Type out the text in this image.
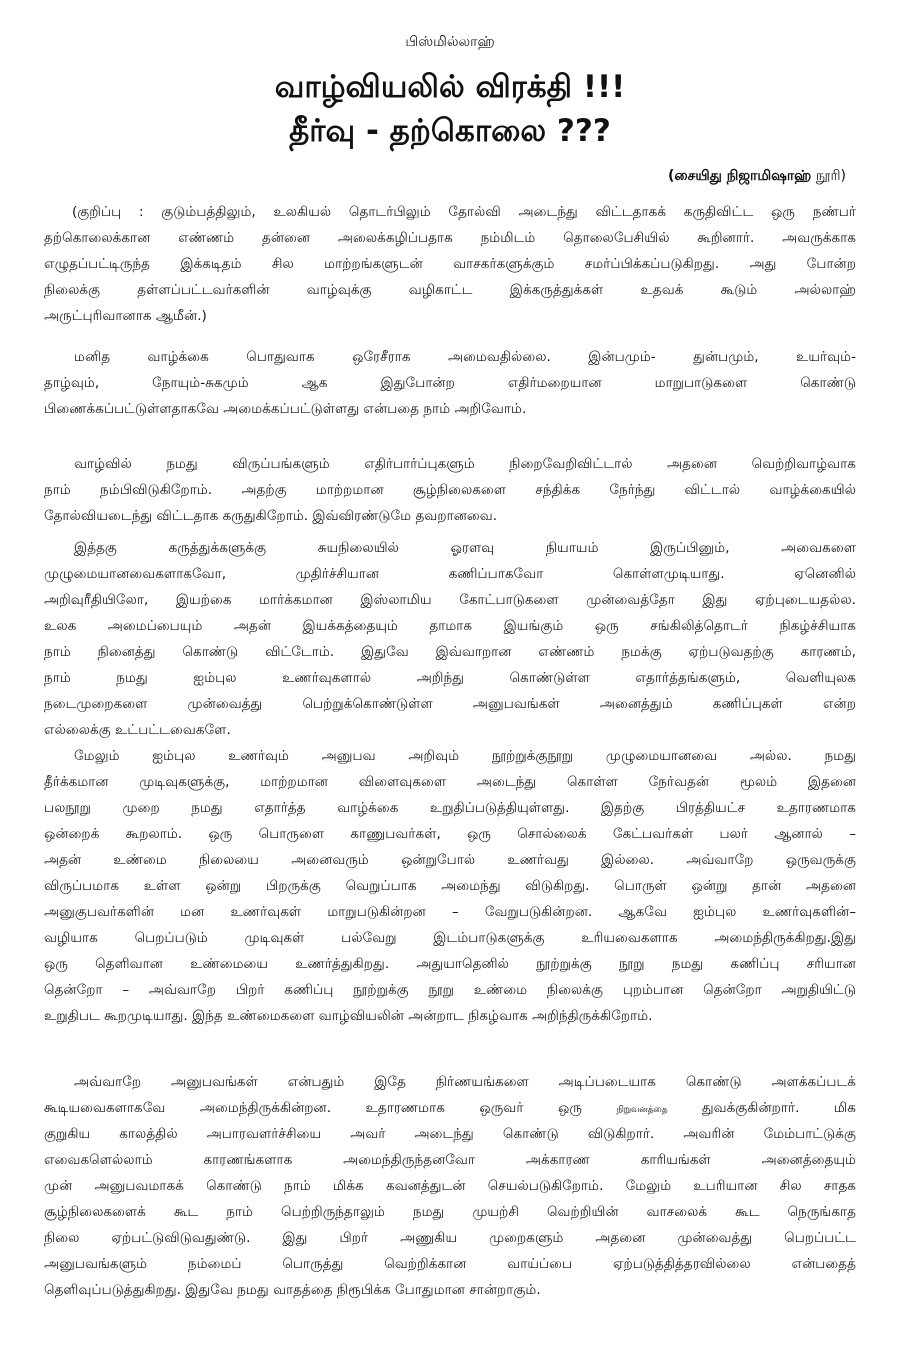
பிஸ்மில்லாஹ்
வாழ்வியலில் விரக்தி !!!
தீர்வு - தற்கொலை ???
(சையிது நிஜாமிஷாஹ் நூரி)
(குறிப்பு : குடும்பத்திலும், உலகியல் தொடர்பிலும் தோல்வி அடைந்து விட்டதாகக் கருதிவிட்ட ஒரு நண்பர்
தற்கொலைக்கான எண்ணம் தன்னை அலைக்கழிப்பதாக நம்மிடம் தொலைபேசியில் கூறினார். அவருக்காக
எழுதப்பட்டிருந்த இக்கடிதம் சில மாற்றங்களுடன் வாசகர்களுக்கும் சமர்ப்பிக்கப்படுகிறது. அது போன்ற
நிலைக்கு தள்ளப்பட்டவர்களின் வாழ்வுக்கு வழிகாட்ட இக்கருத்துக்கள் உதவக் கூடும் அல்லாஹ்
அருட்புரிவானாக ஆமீன்.)
மனித வாழ்க்கை பொதுவாக ஒரேசீராக அமைவதில்லை. இன்பமும்- துன்பமும், உயர்வும்-
தாழ்வும், நோயும்-சுகமும் ஆக இதுபோன்ற எதிர்மறையான மாறுபாடுகளை கொண்டு
பிணைக்கப்பட்டுள்ளதாகவே அமைக்கப்பட்டுள்ளது என்பதை நாம் அறிவோம்.
வாழ்வில் நமது விருப்பங்களும் எதிர்பார்ப்புகளும் நிறைவேறிவிட்டால் அதனை வெற்றிவாழ்வாக
நாம் நம்பிவிடுகிறோம். அதற்கு மாற்றமான சூழ்நிலைகளை சந்திக்க நேர்ந்து விட்டால் வாழ்க்கையில்
தோல்வியடைந்து விட்டதாக கருதுகிறோம். இவ்விரண்டுமே தவறானவை.
இத்தகு கருத்துக்களுக்கு சுயநிலையில் ஓரளவு நியாயம் இருப்பினும், அவைகளை
முழுமையானவைகளாகவோ, முதிர்ச்சியான கணிப்பாகவோ கொள்ளமுடியாது. ஏனெனில்
அறிவுரீதியிலோ, இயற்கை மார்க்கமான இஸ்லாமிய கோட்பாடுகளை முன்வைத்தோ இது ஏற்புடையதல்ல.
உலக அமைப்பையும் அதன் இயக்கத்தையும் தாமாக இயங்கும் ஒரு சங்கிலித்தொடர் நிகழ்ச்சியாக
நாம் நினைத்து கொண்டு விட்டோம். இதுவே இவ்வாறான எண்ணம் நமக்கு ஏற்படுவதற்கு காரணம்,
நாம் நமது ஐம்புல உணர்வுகளால் அறிந்து கொண்டுள்ள எதார்த்தங்களும், வெளியுலக
நடைமுறைகளை முன்வைத்து பெற்றுக்கொண்டுள்ள அனுபவங்கள் அனைத்தும் கணிப்புகள் என்ற
எல்லைக்கு உட்பட்டவைகளே.
மேலும் ஐம்புல உணர்வும் அனுபவ அறிவும் நூற்றுக்குநூறு முழுமையானவை அல்ல. நமது
தீர்க்கமான முடிவுகளுக்கு, மாற்றமான விளைவுகளை அடைந்து கொள்ள நேர்வதன் மூலம் இதனை
பலநூறு முறை நமது எதார்த்த வாழ்க்கை உறுதிப்படுத்தியுள்ளது. இதற்கு பிரத்தியட்ச உதாரணமாக
ஒன்றைக் கூறலாம். ஒரு பொருளை காணுபவர்கள், ஒரு சொல்லைக் கேட்பவர்கள் பலர் ஆனால் –
அதன் உண்மை நிலையை அனைவரும் ஒன்றுபோல் உணர்வது இல்லை. அவ்வாறே ஒருவருக்கு
விருப்பமாக உள்ள ஒன்று பிறருக்கு வெறுப்பாக அமைந்து விடுகிறது. பொருள் ஒன்று தான் அதனை
அனுகுபவர்களின் மன உணர்வுகள் மாறுபடுகின்றன – வேறுபடுகின்றன. ஆகவே ஐம்புல உணர்வுகளின்–
வழியாக பெறப்படும் முடிவுகள் பல்வேறு இடம்பாடுகளுக்கு உரியவைகளாக அமைந்திருக்கிறது.இது
ஒரு தெளிவான உண்மையை உணர்த்துகிறது. அதுயாதெனில் நூற்றுக்கு நூறு நமது கணிப்பு சரியான
தென்றோ – அவ்வாறே பிறர் கணிப்பு நூற்றுக்கு நூறு உண்மை நிலைக்கு புறம்பான தென்றோ அறுதியிட்டு
உறுதிபட கூறமுடியாது. இந்த உண்மைகளை வாழ்வியலின் அன்றாட நிகழ்வாக அறிந்திருக்கிறோம்.
அவ்வாறே அனுபவங்கள் என்பதும் இதே நிர்ணயங்களை அடிப்படையாக கொண்டு அளக்கப்படக்
கூடியவைகளாகவே அமைந்திருக்கின்றன. உதாரணமாக ஒருவர் ஒரு	நிறுவனத்தை	துவக்குகின்றார். மிக
குறுகிய காலத்தில் அபாரவளர்ச்சியை அவர் அடைந்து கொண்டு விடுகிறார். அவரின் மேம்பாட்டுக்கு
எவைகளெல்லாம் காரணங்களாக அமைந்திருந்தனவோ அக்காரண காரியங்கள் அனைத்தையும்
முன் அனுபவமாகக் கொண்டு நாம் மிக்க கவனத்துடன் செயல்படுகிறோம். மேலும் உபரியான சில சாதக
சூழ்நிலைகளைக் கூட நாம் பெற்றிருந்தாலும் நமது முயற்சி வெற்றியின் வாசலைக் கூட நெருங்காத
நிலை ஏற்பட்டுவிடுவதுண்டு. இது பிறர் அணுகிய முறைகளும் அதனை முன்வைத்து பெறப்பட்ட
அனுபவங்களும் நம்மைப் பொருத்து வெற்றிக்கான வாய்ப்பை ஏற்படுத்தித்தரவில்லை என்பதைத்
தெளிவுப்படுத்துகிறது. இதுவே நமது வாதத்தை நிரூபிக்க போதுமான சான்றாகும்.
